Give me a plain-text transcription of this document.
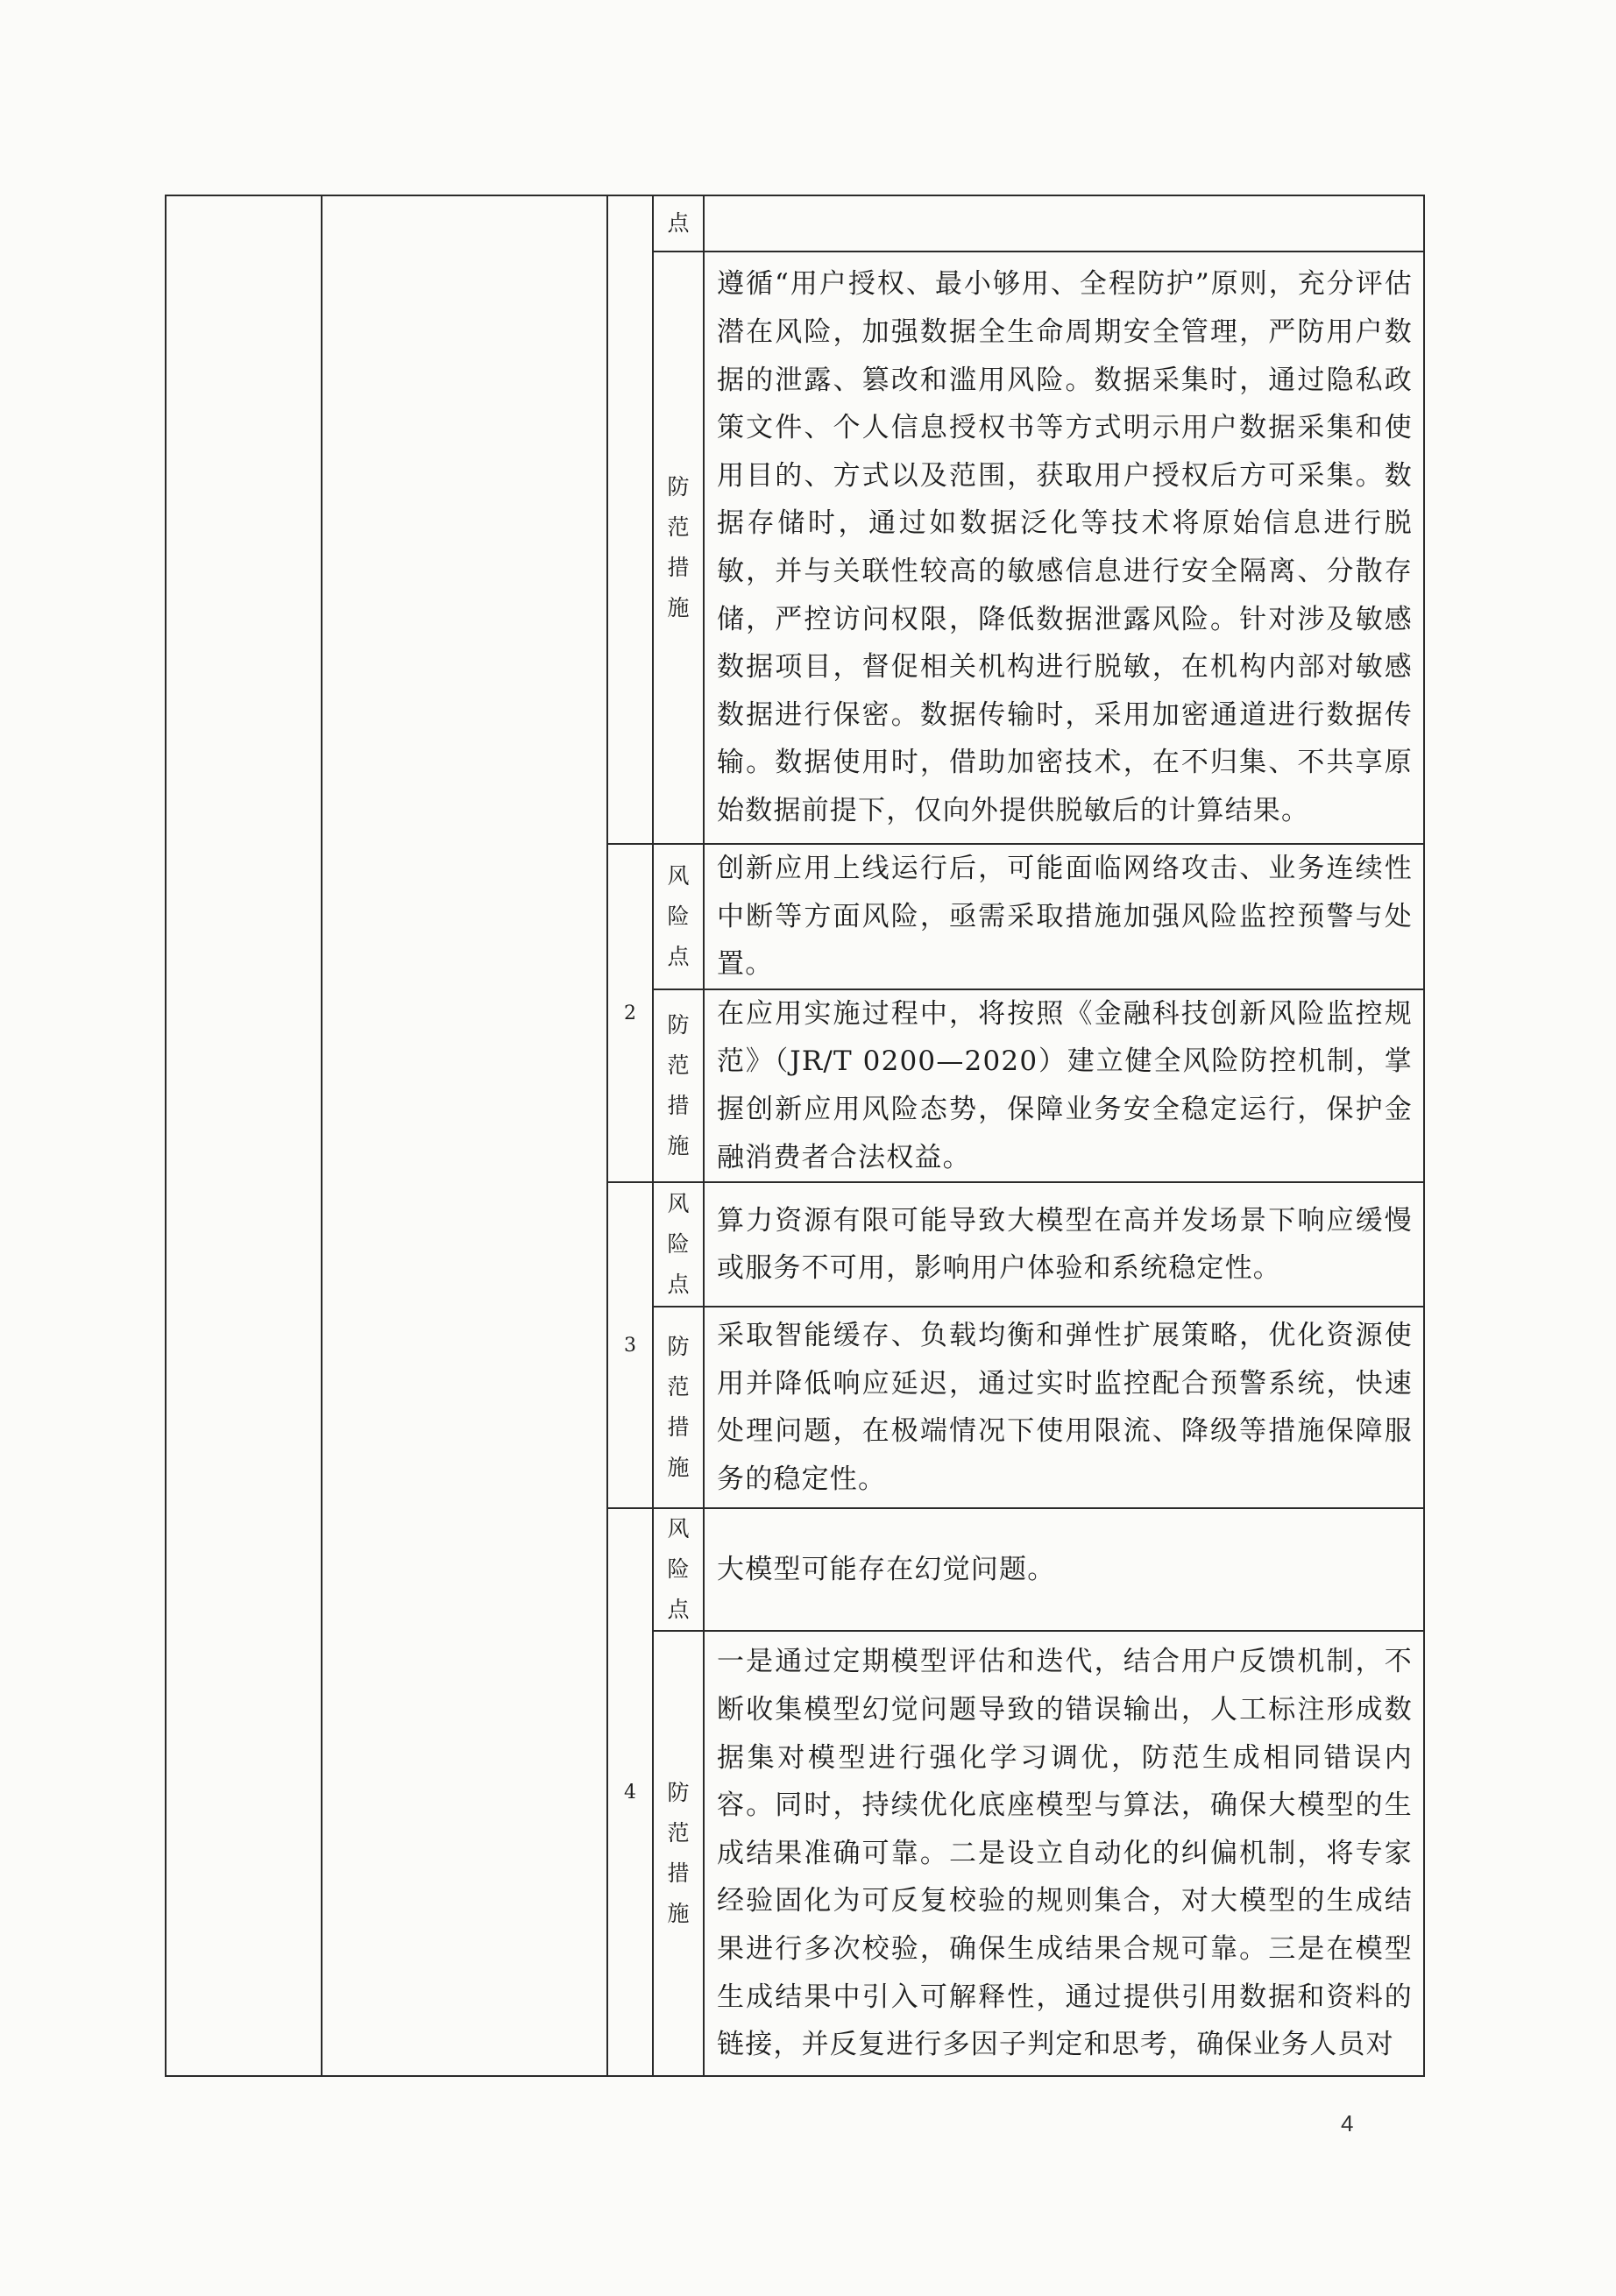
			点	

			防范措施	遵循“用户授权、最小够用、全程防护”原则，充分评估潜在风险，加强数据全生命周期安全管理，严防用户数据的泄露、篡改和滥用风险。数据采集时，通过隐私政策文件、个人信息授权书等方式明示用户数据采集和使用目的、方式以及范围，获取用户授权后方可采集。数据存储时，通过如数据泛化等技术将原始信息进行脱敏，并与关联性较高的敏感信息进行安全隔离、分散存储，严控访问权限，降低数据泄露风险。针对涉及敏感数据项目，督促相关机构进行脱敏，在机构内部对敏感数据进行保密。数据传输时，采用加密通道进行数据传输。数据使用时，借助加密技术，在不归集、不共享原始数据前提下，仅向外提供脱敏后的计算结果。

		2	风险点	创新应用上线运行后，可能面临网络攻击、业务连续性中断等方面风险，亟需采取措施加强风险监控预警与处置。

			防范措施	在应用实施过程中，将按照《金融科技创新风险监控规范》（JR/T 0200—2020）建立健全风险防控机制，掌握创新应用风险态势，保障业务安全稳定运行，保护金融消费者合法权益。

		3	风险点	算力资源有限可能导致大模型在高并发场景下响应缓慢或服务不可用，影响用户体验和系统稳定性。

			防范措施	采取智能缓存、负载均衡和弹性扩展策略，优化资源使用并降低响应延迟，通过实时监控配合预警系统，快速处理问题，在极端情况下使用限流、降级等措施保障服务的稳定性。

		4	风险点	大模型可能存在幻觉问题。

			防范措施	一是通过定期模型评估和迭代，结合用户反馈机制，不断收集模型幻觉问题导致的错误输出，人工标注形成数据集对模型进行强化学习调优，防范生成相同错误内容。同时，持续优化底座模型与算法，确保大模型的生成结果准确可靠。二是设立自动化的纠偏机制，将专家经验固化为可反复校验的规则集合，对大模型的生成结果进行多次校验，确保生成结果合规可靠。三是在模型生成结果中引入可解释性，通过提供引用数据和资料的链接，并反复进行多因子判定和思考，确保业务人员对
4
